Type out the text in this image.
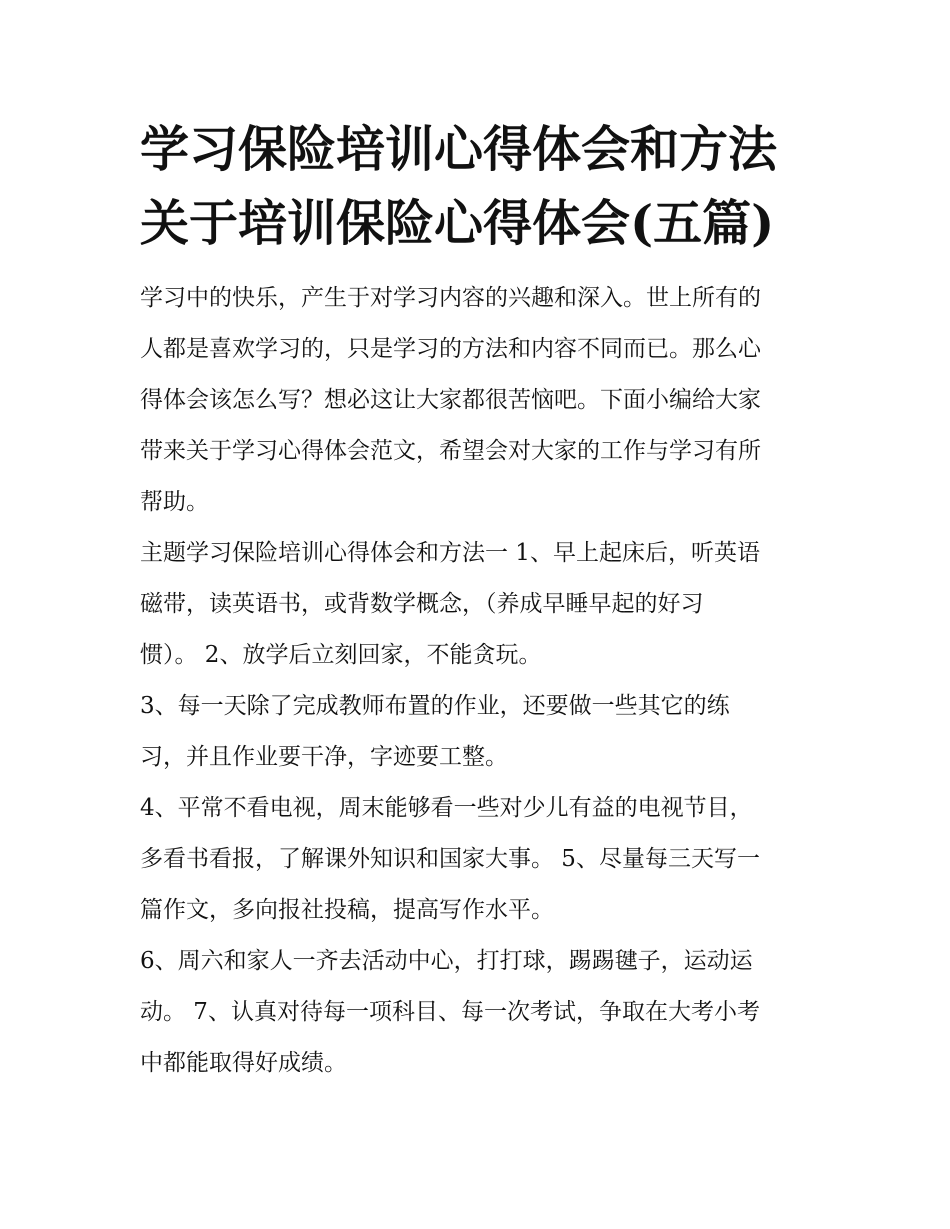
学习保险培训心得体会和方法
关于培训保险心得体会(五篇)
学习中的快乐，产生于对学习内容的兴趣和深入。世上所有的
人都是喜欢学习的，只是学习的方法和内容不同而已。那么心
得体会该怎么写？想必这让大家都很苦恼吧。下面小编给大家
带来关于学习心得体会范文，希望会对大家的工作与学习有所
帮助。
主题学习保险培训心得体会和方法一 1、早上起床后，听英语
磁带，读英语书，或背数学概念，（养成早睡早起的好习
惯）。 2、放学后立刻回家，不能贪玩。
3、每一天除了完成教师布置的作业，还要做一些其它的练
习，并且作业要干净，字迹要工整。
4、平常不看电视，周末能够看一些对少儿有益的电视节目，
多看书看报，了解课外知识和国家大事。 5、尽量每三天写一
篇作文，多向报社投稿，提高写作水平。
6、周六和家人一齐去活动中心，打打球，踢踢毽子，运动运
动。 7、认真对待每一项科目、每一次考试，争取在大考小考
中都能取得好成绩。
